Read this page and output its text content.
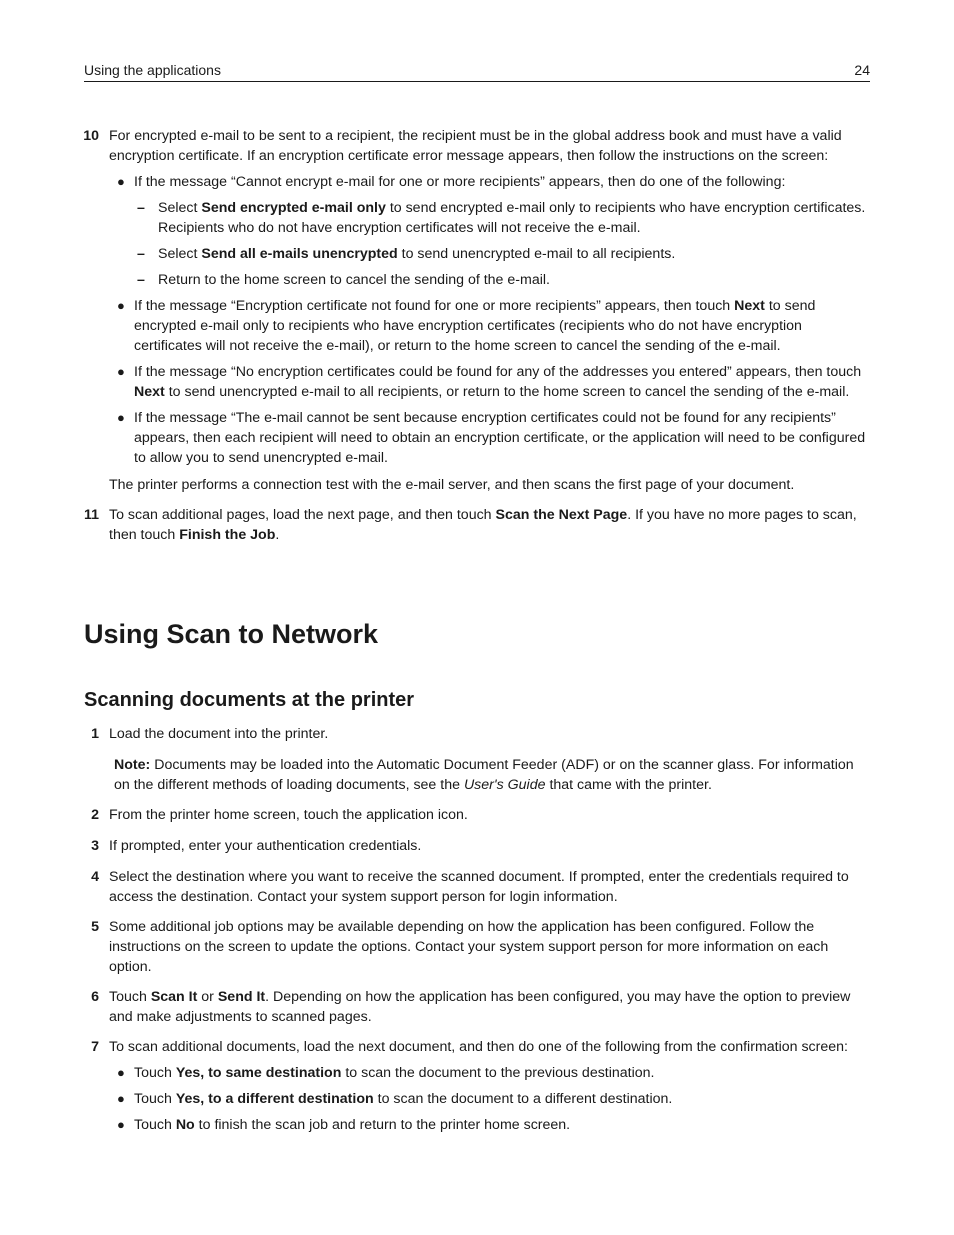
Using the applications	24
10 For encrypted e-mail to be sent to a recipient, the recipient must be in the global address book and must have a valid encryption certificate. If an encryption certificate error message appears, then follow the instructions on the screen:
● If the message “Cannot encrypt e-mail for one or more recipients” appears, then do one of the following:
– Select Send encrypted e-mail only to send encrypted e-mail only to recipients who have encryption certificates. Recipients who do not have encryption certificates will not receive the e-mail.
– Select Send all e-mails unencrypted to send unencrypted e-mail to all recipients.
– Return to the home screen to cancel the sending of the e-mail.
● If the message “Encryption certificate not found for one or more recipients” appears, then touch Next to send encrypted e-mail only to recipients who have encryption certificates (recipients who do not have encryption certificates will not receive the e-mail), or return to the home screen to cancel the sending of the e-mail.
● If the message “No encryption certificates could be found for any of the addresses you entered” appears, then touch Next to send unencrypted e-mail to all recipients, or return to the home screen to cancel the sending of the e-mail.
● If the message “The e-mail cannot be sent because encryption certificates could not be found for any recipients” appears, then each recipient will need to obtain an encryption certificate, or the application will need to be configured to allow you to send unencrypted e-mail.
The printer performs a connection test with the e-mail server, and then scans the first page of your document.
11 To scan additional pages, load the next page, and then touch Scan the Next Page. If you have no more pages to scan, then touch Finish the Job.
Using Scan to Network
Scanning documents at the printer
1 Load the document into the printer.
Note: Documents may be loaded into the Automatic Document Feeder (ADF) or on the scanner glass. For information on the different methods of loading documents, see the User's Guide that came with the printer.
2 From the printer home screen, touch the application icon.
3 If prompted, enter your authentication credentials.
4 Select the destination where you want to receive the scanned document. If prompted, enter the credentials required to access the destination. Contact your system support person for login information.
5 Some additional job options may be available depending on how the application has been configured. Follow the instructions on the screen to update the options. Contact your system support person for more information on each option.
6 Touch Scan It or Send It. Depending on how the application has been configured, you may have the option to preview and make adjustments to scanned pages.
7 To scan additional documents, load the next document, and then do one of the following from the confirmation screen:
● Touch Yes, to same destination to scan the document to the previous destination.
● Touch Yes, to a different destination to scan the document to a different destination.
● Touch No to finish the scan job and return to the printer home screen.
